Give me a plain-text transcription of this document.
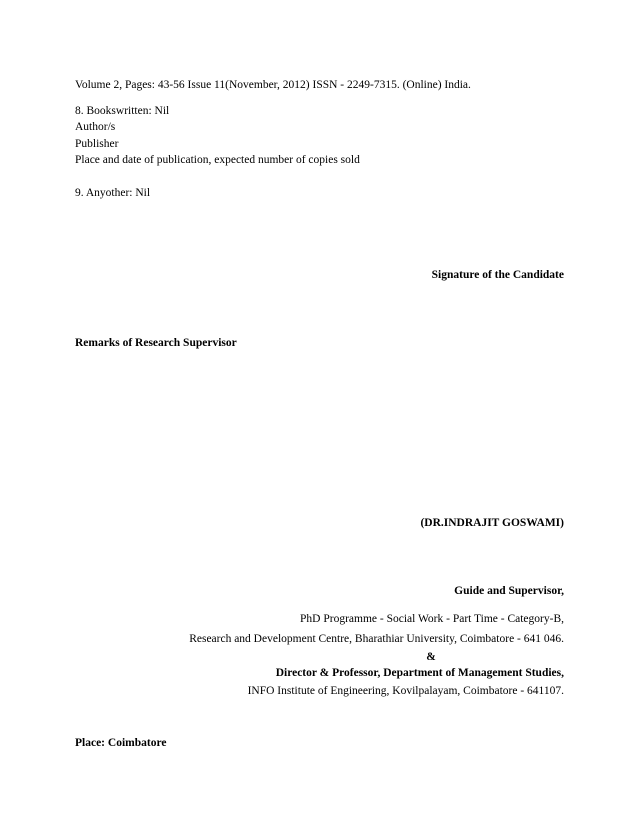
Volume 2, Pages: 43-56 Issue 11(November, 2012) ISSN - 2249-7315. (Online) India.
8. Bookswritten: Nil
Author/s
Publisher
Place and date of publication, expected number of copies sold
9. Anyother: Nil
Signature of the Candidate
Remarks of Research Supervisor
(DR.INDRAJIT GOSWAMI)
Guide and Supervisor,
PhD Programme - Social Work - Part Time - Category-B,
Research and Development Centre, Bharathiar University, Coimbatore - 641 046.
&
Director & Professor, Department of Management Studies,
INFO Institute of Engineering, Kovilpalayam, Coimbatore - 641107.
Place: Coimbatore
